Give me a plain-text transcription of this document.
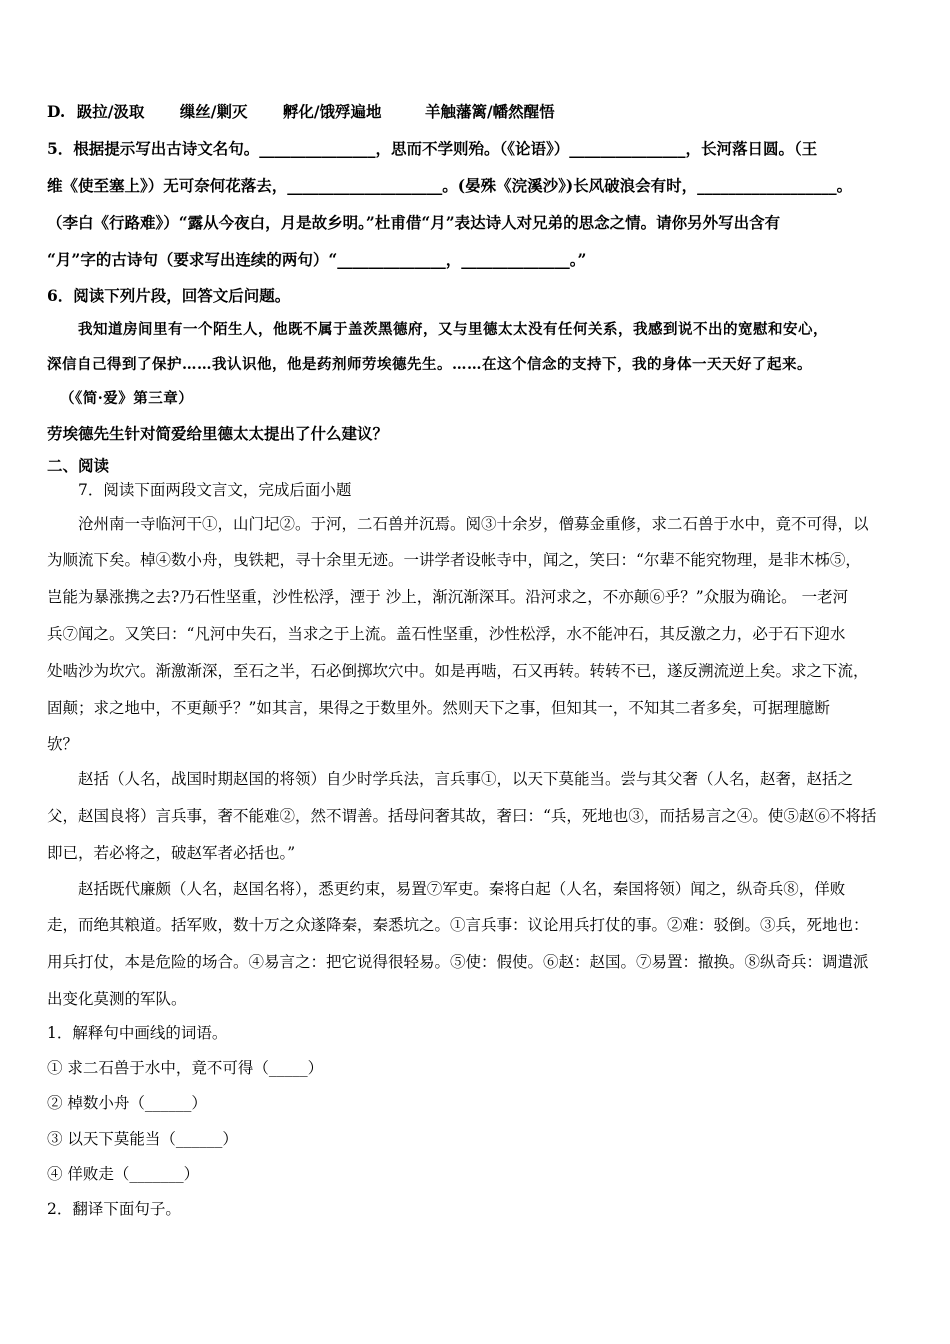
D. 趿拉/汲取 缫丝/剿灭 孵化/饿殍遍地	羊触藩篱/幡然醒悟
5．根据提示写出古诗文名句。_______________，思而不学则殆。（《论语》）_______________，长河落日圆。（王
维《使至塞上》）无可奈何花落去，____________________。(晏殊《浣溪沙》)长风破浪会有时，__________________。
（李白《行路难》）“露从今夜白，月是故乡明。”杜甫借“月”表达诗人对兄弟的思念之情。请你另外写出含有
“月”字的古诗句（要求写出连续的两句）“______________，______________。”
6．阅读下列片段，回答文后问题。
我知道房间里有一个陌生人，他既不属于盖茨黑德府，又与里德太太没有任何关系，我感到说不出的宽慰和安心，
深信自己得到了保护……我认识他，他是药剂师劳埃德先生。……在这个信念的支持下，我的身体一天天好了起来。
（《简·爱》第三章）
劳埃德先生针对简爱给里德太太提出了什么建议？
二、阅读
7．阅读下面两段文言文，完成后面小题
沧州南一寺临河干①，山门圮②。于河，二石兽并沉焉。阅③十余岁，僧募金重修，求二石兽于水中，竟不可得，以
为顺流下矣。棹④数小舟，曳铁耙，寻十余里无迹。一讲学者设帐寺中，闻之，笑曰：“尔辈不能究物理，是非木柹⑤，
岂能为暴涨携之去?乃石性坚重，沙性松浮，湮于 沙上，渐沉渐深耳。沿河求之，不亦颠⑥乎？”众服为确论。 一老河
兵⑦闻之。又笑曰：“凡河中失石，当求之于上流。盖石性坚重，沙性松浮，水不能冲石，其反激之力，必于石下迎水
处啮沙为坎穴。渐激渐深，至石之半，石必倒掷坎穴中。如是再啮，石又再转。转转不已，遂反溯流逆上矣。求之下流，
固颠；求之地中，不更颠乎？”如其言，果得之于数里外。然则天下之事，但知其一，不知其二者多矣，可据理臆断
欤？
赵括（人名，战国时期赵国的将领）自少时学兵法，言兵事①，以天下莫能当。尝与其父奢（人名，赵奢，赵括之
父，赵国良将）言兵事，奢不能难②，然不谓善。括母问奢其故，奢曰：“兵，死地也③，而括易言之④。使⑤赵⑥不将括
即已，若必将之，破赵军者必括也。”
赵括既代廉颇（人名，赵国名将），悉更约束，易置⑦军吏。秦将白起（人名，秦国将领）闻之，纵奇兵⑧，佯败
走，而绝其粮道。括军败，数十万之众遂降秦，秦悉坑之。①言兵事：议论用兵打仗的事。②难：驳倒。③兵，死地也：
用兵打仗，本是危险的场合。④易言之：把它说得很轻易。⑤使：假使。⑥赵：赵国。⑦易置：撤换。⑧纵奇兵：调遣派
出变化莫测的军队。
1．解释句中画线的词语。
① 求二石兽于水中，竟不可得（_____）
② 棹数小舟（______）
③ 以天下莫能当（______）
④ 佯败走（_______）
2．翻译下面句子。
